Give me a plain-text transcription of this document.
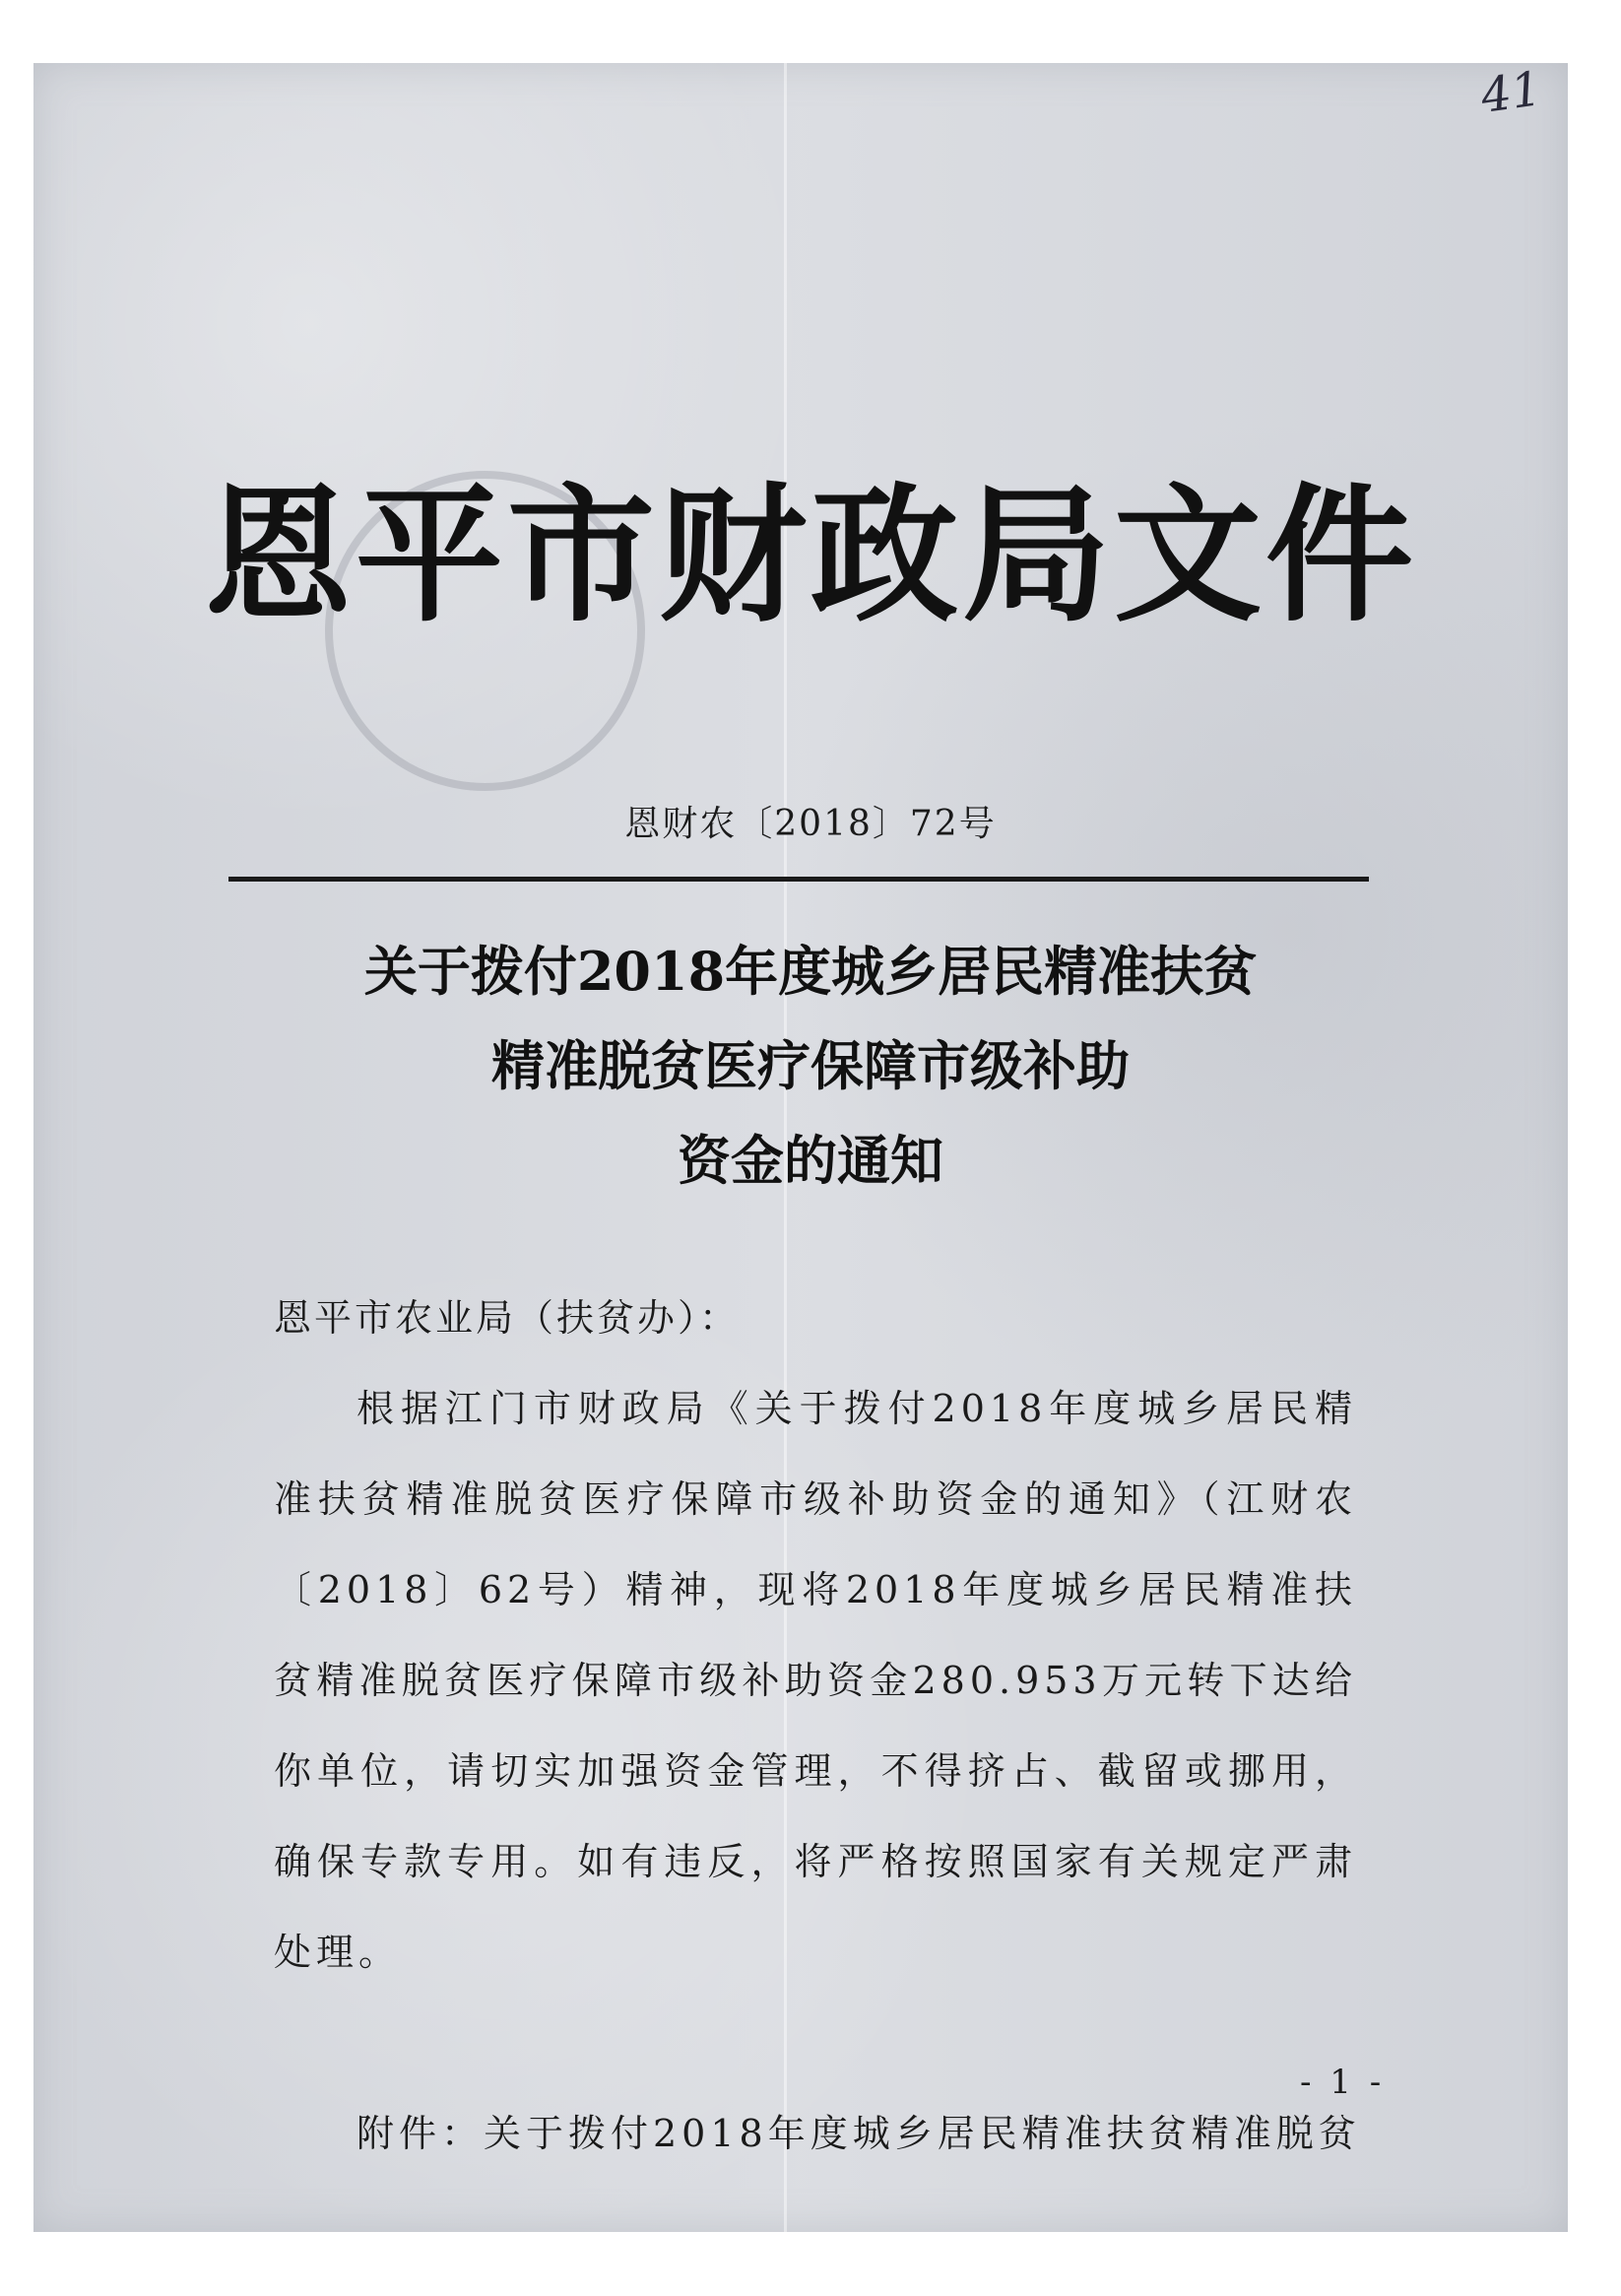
41
恩平市财政局文件
恩财农〔2018〕72号
关于拨付2018年度城乡居民精准扶贫
精准脱贫医疗保障市级补助
资金的通知
恩平市农业局（扶贫办）：
根据江门市财政局《关于拨付2018年度城乡居民精准扶贫精准脱贫医疗保障市级补助资金的通知》（江财农〔2018〕62号）精神，现将2018年度城乡居民精准扶贫精准脱贫医疗保障市级补助资金280.953万元转下达给你单位，请切实加强资金管理，不得挤占、截留或挪用，确保专款专用。如有违反，将严格按照国家有关规定严肃处理。
附件：关于拨付2018年度城乡居民精准扶贫精准脱贫
- 1 -
